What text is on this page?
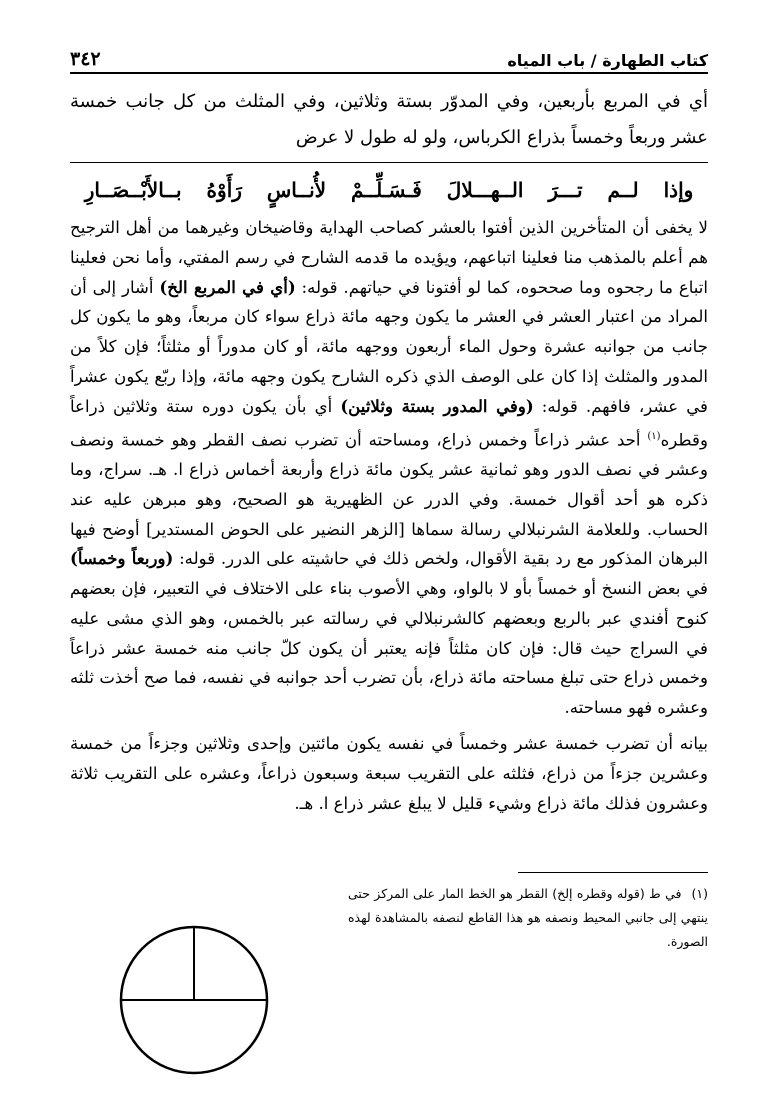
كتاب الطهارة / باب المياه
٣٤٢
أي في المربع بأربعين، وفي المدوّر بستة وثلاثين، وفي المثلث من كل جانب خمسة عشر وربعاً وخمساً بذراع الكرباس، ولو له طول لا عرض
وإذا لــم تـــرَ الــهـــلالَ فَـسَـلِّــمْ لأُنــاسٍ رَأَوْهُ بــالأَبْــصَــارِ

لا يخفى أن المتأخرين الذين أفتوا بالعشر كصاحب الهداية وقاضيخان وغيرهما من أهل الترجيح هم أعلم بالمذهب منا فعلينا اتباعهم، ويؤيده ما قدمه الشارح في رسم المفتي، وأما نحن فعلينا اتباع ما رجحوه وما صححوه، كما لو أفتونا في حياتهم. قوله: (أي في المربع الخ) أشار إلى أن المراد من اعتبار العشر في العشر ما يكون وجهه مائة ذراع سواء كان مربعاً، وهو ما يكون كل جانب من جوانبه عشرة وحول الماء أربعون ووجهه مائة، أو كان مدوراً أو مثلثاً؛ فإن كلاً من المدور والمثلث إذا كان على الوصف الذي ذكره الشارح يكون وجهه مائة، وإذا ربّع يكون عشراً في عشر، فافهم. قوله: (وفي المدور بستة وثلاثين) أي بأن يكون دوره ستة وثلاثين ذراعاً وقطره$^{(١)}$ أحد عشر ذراعاً وخمس ذراع، ومساحته أن تضرب نصف القطر وهو خمسة ونصف وعشر في نصف الدور وهو ثمانية عشر يكون مائة ذراع وأربعة أخماس ذراع ا. هـ. سراج، وما ذكره هو أحد أقوال خمسة. وفي الدرر عن الظهيرية هو الصحيح، وهو مبرهن عليه عند الحساب. وللعلامة الشرنبلالي رسالة سماها [الزهر النضير على الحوض المستدير] أوضح فيها البرهان المذكور مع رد بقية الأقوال، ولخص ذلك في حاشيته على الدرر. قوله: (وربعاً وخمساً) في بعض النسخ أو خمساً بأو لا بالواو، وهي الأصوب بناء على الاختلاف في التعبير، فإن بعضهم كنوح أفندي عبر بالربع وبعضهم كالشرنبلالي في رسالته عبر بالخمس، وهو الذي مشى عليه في السراج حيث قال: فإن كان مثلثاً فإنه يعتبر أن يكون كلّ جانب منه خمسة عشر ذراعاً وخمس ذراع حتى تبلغ مساحته مائة ذراع، بأن تضرب أحد جوانبه في نفسه، فما صح أخذت ثلثه وعشره فهو مساحته.

بيانه أن تضرب خمسة عشر وخمساً في نفسه يكون مائتين وإحدى وثلاثين وجزءاً من خمسة وعشرين جزءاً من ذراع، فثلثه على التقريب سبعة وسبعون ذراعاً، وعشره على التقريب ثلاثة وعشرون فذلك مائة ذراع وشيء قليل لا يبلغ عشر ذراع ا. هـ.

(١)في ط (قوله وقطره إلخ) القطر هو الخط المار على المركز حتى ينتهي إلى جانبي المحيط ونصفه هو هذا القاطع لنصفه بالمشاهدة لهذه الصورة.
